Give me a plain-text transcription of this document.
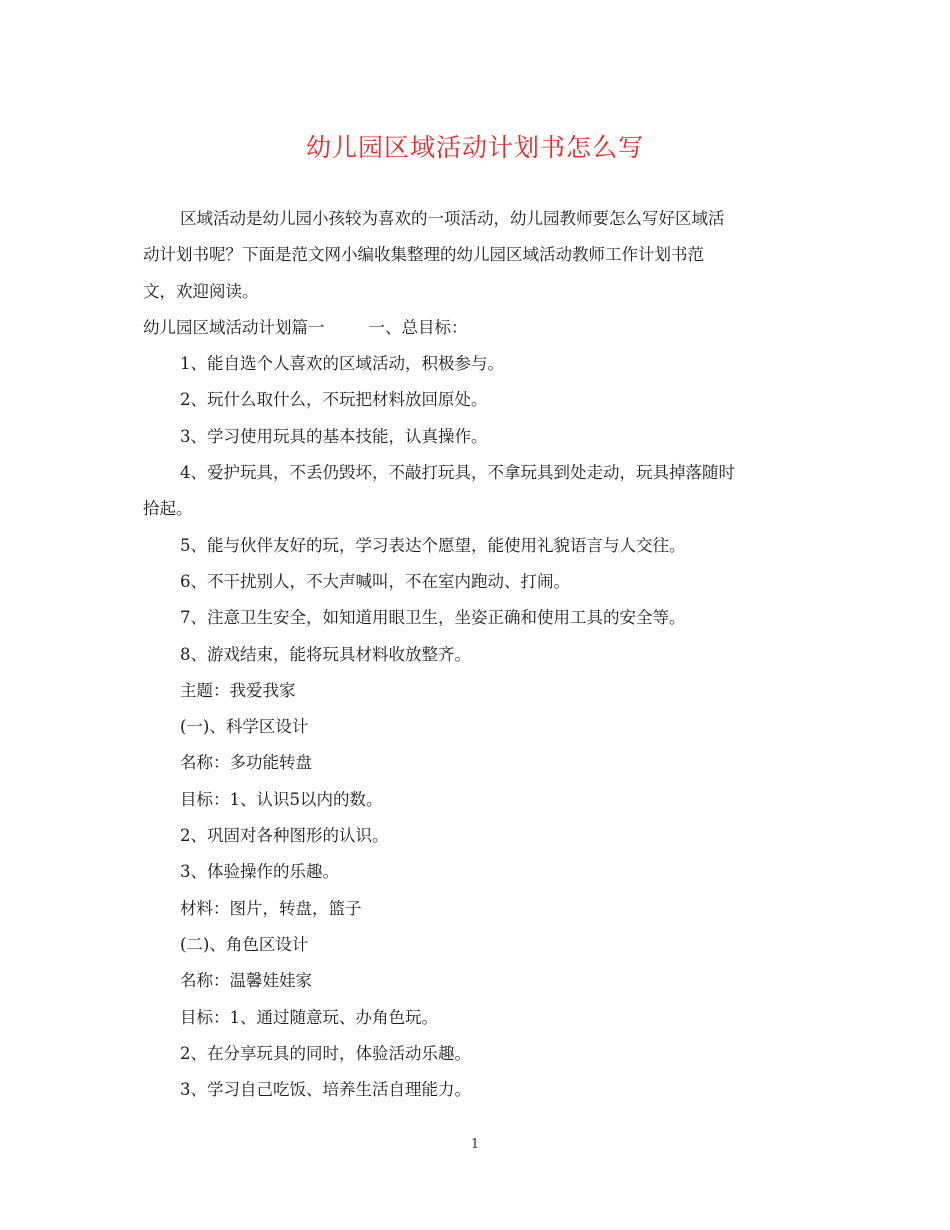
幼儿园区域活动计划书怎么写
区域活动是幼儿园小孩较为喜欢的一项活动，幼儿园教师要怎么写好区域活
动计划书呢？下面是范文网小编收集整理的幼儿园区域活动教师工作计划书范
文，欢迎阅读。
幼儿园区域活动计划篇一	一、总目标：
1、能自选个人喜欢的区域活动，积极参与。
2、玩什么取什么，不玩把材料放回原处。
3、学习使用玩具的基本技能，认真操作。
4、爱护玩具，不丢仍毁坏，不敲打玩具，不拿玩具到处走动，玩具掉落随时
拾起。
5、能与伙伴友好的玩，学习表达个愿望，能使用礼貌语言与人交往。
6、不干扰别人，不大声喊叫，不在室内跑动、打闹。
7、注意卫生安全，如知道用眼卫生，坐姿正确和使用工具的安全等。
8、游戏结束，能将玩具材料收放整齐。
主题：我爱我家
(一)、科学区设计
名称：多功能转盘
目标：1、认识5以内的数。
2、巩固对各种图形的认识。
3、体验操作的乐趣。
材料：图片，转盘，篮子
(二)、角色区设计
名称：温馨娃娃家
目标：1、通过随意玩、办角色玩。
2、在分享玩具的同时，体验活动乐趣。
3、学习自己吃饭、培养生活自理能力。
1
